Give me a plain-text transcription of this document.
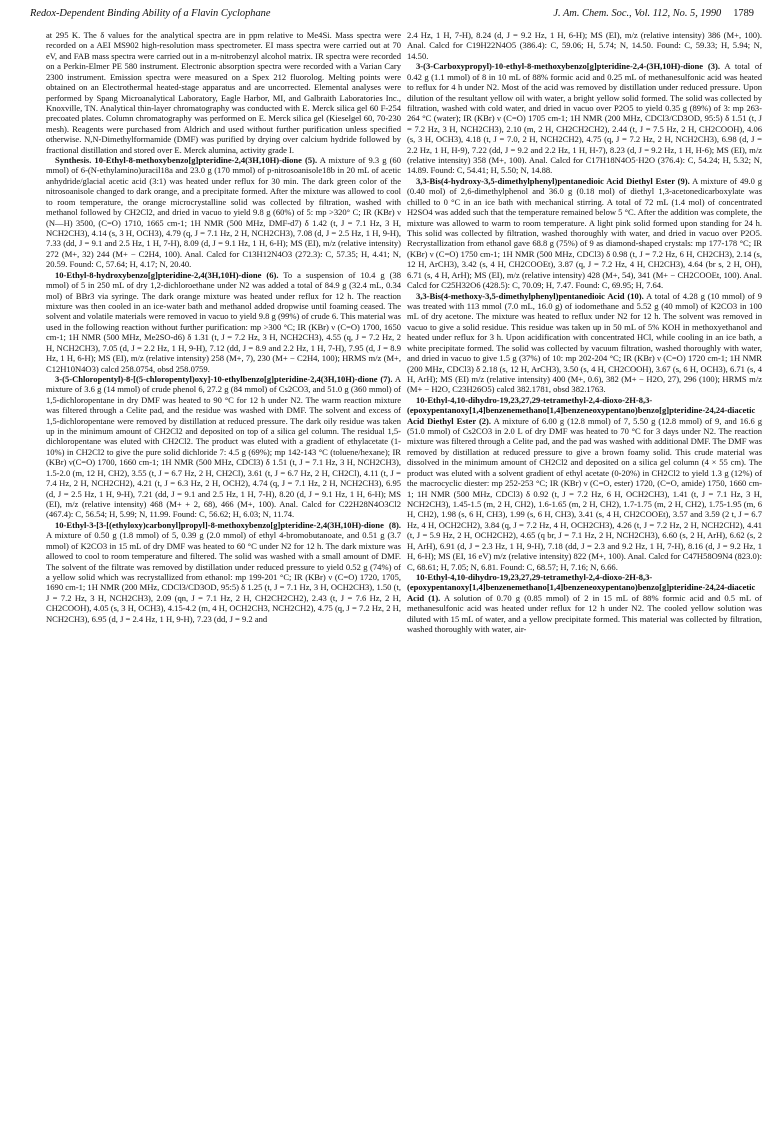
Redox-Dependent Binding Ability of a Flavin Cyclophane	J. Am. Chem. Soc., Vol. 112, No. 5, 1990 1789

at 295 K. The δ values for the analytical spectra are in ppm relative to Me4Si. Mass spectra were recorded on a AEI MS902 high-resolution mass spectrometer. EI mass spectra were carried out at 70 eV, and FAB mass spectra were carried out in a m-nitrobenzyl alcohol matrix. IR spectra were recorded on a Perkin-Elmer PE 580 instrument. Electronic absorption spectra were recorded with a Varian Cary 2300 instrument. Emission spectra were measured on a Spex 212 fluorolog. Melting points were obtained on an Electrothermal heated-stage apparatus and are uncorrected. Elemental analyses were performed by Spang Microanalytical Laboratory, Eagle Harbor, MI, and Galbraith Laboratories Inc., Knoxville, TN. Analytical thin-layer chromatography was conducted with E. Merck silica gel 60 F-254 precoated plates. Column chromatography was performed on E. Merck silica gel (Kieselgel 60, 70-230 mesh). Reagents were purchased from Aldrich and used without further purification unless specified otherwise. N,N-Dimethylformamide (DMF) was purified by drying over calcium hydride followed by fractional distillation and stored over E. Merck alumina, activity grade I.

Synthesis. 10-Ethyl-8-methoxybenzo[g]pteridine-2,4(3H,10H)-dione (5). A mixture of 9.3 g (60 mmol) of 6-(N-ethylamino)uracil18a and 23.0 g (170 mmol) of p-nitrosoanisole18b in 20 mL of acetic anhydride/glacial acetic acid (3:1) was heated under reflux for 30 min. The dark green color of the nitrosoanisole changed to dark orange, and a precipitate formed. After the mixture was allowed to cool to room temperature, the orange microcrystalline solid was collected by filtration, washed with methanol followed by CH2Cl2, and dried in vacuo to yield 9.8 g (60%) of 5: mp >320° C; IR (KBr) ν (N—H) 3500, (C=O) 1710, 1665 cm-1; 1H NMR (500 MHz, DMF-d7) δ 1.42 (t, J = 7.1 Hz, 3 H, NCH2CH3), 4.14 (s, 3 H, OCH3), 4.79 (q, J = 7.1 Hz, 2 H, NCH2CH3), 7.08 (d, J = 2.5 Hz, 1 H, 9-H), 7.33 (dd, J = 9.1 and 2.5 Hz, 1 H, 7-H), 8.09 (d, J = 9.1 Hz, 1 H, 6-H); MS (EI), m/z (relative intensity) 272 (M+, 32) 244 (M+ − C2H4, 100). Anal. Calcd for C13H12N4O3 (272.3): C, 57.35; H, 4.41; N, 20.59. Found: C, 57.64; H, 4.17; N, 20.40.

10-Ethyl-8-hydroxybenzo[g]pteridine-2,4(3H,10H)-dione (6). To a suspension of 10.4 g (38 mmol) of 5 in 250 mL of dry 1,2-dichloroethane under N2 was added a total of 84.9 g (32.4 mL, 0.34 mol) of BBr3 via syringe. The dark orange mixture was heated under reflux for 12 h. The reaction mixture was then cooled in an ice-water bath and methanol added dropwise until foaming ceased. The solvent and volatile materials were removed in vacuo to yield 9.8 g (99%) of crude 6. This material was used in the following reaction without further purification: mp >300 °C; IR (KBr) ν (C=O) 1700, 1650 cm-1; 1H NMR (500 MHz, Me2SO-d6) δ 1.31 (t, J = 7.2 Hz, 3 H, NCH2CH3), 4.55 (q, J = 7.2 Hz, 2 H, NCH2CH3), 7.05 (d, J = 2.2 Hz, 1 H, 9-H), 7.12 (dd, J = 8.9 and 2.2 Hz, 1 H, 7-H), 7.95 (d, J = 8.9 Hz, 1 H, 6-H); MS (EI), m/z (relative intensity) 258 (M+, 7), 230 (M+ − C2H4, 100); HRMS m/z (M+, C12H10N4O3) calcd 258.0754, obsd 258.0759.

3-(5-Chloropentyl)-8-[(5-chloropentyl)oxy]-10-ethylbenzo[g]pteridine-2,4(3H,10H)-dione (7). A mixture of 3.6 g (14 mmol) of crude phenol 6, 27.2 g (84 mmol) of Cs2CO3, and 51.0 g (360 mmol) of 1,5-dichloropentane in dry DMF was heated to 90 °C for 12 h under N2. The warm reaction mixture was filtered through a Celite pad, and the residue was washed with DMF. The solvent and excess of 1,5-dichloropentane were removed by distillation at reduced pressure. The dark oily residue was taken up in the minimum amount of CH2Cl2 and deposited on top of a silica gel column. The residual 1,5-dichloropentane was eluted with CH2Cl2. The product was eluted with a gradient of ethylacetate (1-10%) in CH2Cl2 to give the pure solid dichloride 7: 4.5 g (69%); mp 142-143 °C (toluene/hexane); IR (KBr) ν(C=O) 1700, 1660 cm-1; 1H NMR (500 MHz, CDCl3) δ 1.51 (t, J = 7.1 Hz, 3 H, NCH2CH3), 1.5-2.0 (m, 12 H, CH2), 3.55 (t, J = 6.7 Hz, 2 H, CH2Cl), 3.61 (t, J = 6.7 Hz, 2 H, CH2Cl), 4.11 (t, J = 7.4 Hz, 2 H, NCH2CH2), 4.21 (t, J = 6.3 Hz, 2 H, OCH2), 4.74 (q, J = 7.1 Hz, 2 H, NCH2CH3), 6.95 (d, J = 2.5 Hz, 1 H, 9-H), 7.21 (dd, J = 9.1 and 2.5 Hz, 1 H, 7-H), 8.20 (d, J = 9.1 Hz, 1 H, 6-H); MS (EI), m/z (relative intensity) 468 (M+ + 2, 68), 466 (M+, 100). Anal. Calcd for C22H28N4O3Cl2 (467.4): C, 56.54; H, 5.99; N, 11.99. Found: C, 56.62; H, 6.03; N, 11.74.

10-Ethyl-3-[3-[(ethyloxy)carbonyl]propyl]-8-methoxybenzo[g]pteridine-2,4(3H,10H)-dione (8). A mixture of 0.50 g (1.8 mmol) of 5, 0.39 g (2.0 mmol) of ethyl 4-bromobutanoate, and 0.51 g (3.7 mmol) of K2CO3 in 15 mL of dry DMF was heated to 60 °C under N2 for 12 h. The dark mixture was allowed to cool to room temperature and filtered. The solid was washed with a small amount of DMF. The solvent of the filtrate was removed by distillation under reduced pressure to yield 0.52 g (74%) of a yellow solid which was recrystallized from ethanol: mp 199-201 °C; IR (KBr) ν (C=O) 1720, 1705, 1690 cm-1; 1H NMR (200 MHz, CDCl3/CD3OD, 95:5) δ 1.25 (t, J = 7.1 Hz, 3 H, OCH2CH3), 1.50 (t, J = 7.2 Hz, 3 H, NCH2CH3), 2.09 (qn, J = 7.1 Hz, 2 H, CH2CH2CH2), 2.43 (t, J = 7.6 Hz, 2 H, CH2COOH), 4.05 (s, 3 H, OCH3), 4.15-4.2 (m, 4 H, OCH2CH3, NCH2CH2), 4.75 (q, J = 7.2 Hz, 2 H, NCH2CH3), 6.95 (d, J = 2.4 Hz, 1 H, 9-H), 7.23 (dd, J = 9.2 and

2.4 Hz, 1 H, 7-H), 8.24 (d, J = 9.2 Hz, 1 H, 6-H); MS (EI), m/z (relative intensity) 386 (M+, 100). Anal. Calcd for C19H22N4O5 (386.4): C, 59.06; H, 5.74; N, 14.50. Found: C, 59.33; H, 5.94; N, 14.50.

3-(3-Carboxypropyl)-10-ethyl-8-methoxybenzo[g]pteridine-2,4-(3H,10H)-dione (3). A total of 0.42 g (1.1 mmol) of 8 in 10 mL of 88% formic acid and 0.25 mL of methanesulfonic acid was heated to reflux for 4 h under N2. Most of the acid was removed by distillation under reduced pressure. Upon dilution of the resultant yellow oil with water, a bright yellow solid formed. The solid was collected by filtration, washed with cold water, and dried in vacuo over P2O5 to yield 0.35 g (89%) of 3: mp 263-264 °C (water); IR (KBr) ν (C=O) 1705 cm-1; 1H NMR (200 MHz, CDCl3/CD3OD, 95:5) δ 1.51 (t, J = 7.2 Hz, 3 H, NCH2CH3), 2.10 (m, 2 H, CH2CH2CH2), 2.44 (t, J = 7.5 Hz, 2 H, CH2COOH), 4.06 (s, 3 H, OCH3), 4.18 (t, J = 7.0, 2 H, NCH2CH2), 4.75 (q, J = 7.2 Hz, 2 H, NCH2CH3), 6.98 (d, J = 2.2 Hz, 1 H, H-9), 7.22 (dd, J = 9.2 and 2.2 Hz, 1 H, H-7), 8.23 (d, J = 9.2 Hz, 1 H, H-6); MS (EI), m/z (relative intensity) 358 (M+, 100). Anal. Calcd for C17H18N4O5·H2O (376.4): C, 54.24; H, 5.32; N, 14.89. Found: C, 54.41; H, 5.50; N, 14.88.

3,3-Bis(4-hydroxy-3,5-dimethylphenyl)pentanedioic Acid Diethyl Ester (9). A mixture of 49.0 g (0.40 mol) of 2,6-dimethylphenol and 36.0 g (0.18 mol) of diethyl 1,3-acetonedicarboxylate was chilled to 0 °C in an ice bath with mechanical stirring. A total of 72 mL (1.4 mol) of concentrated H2SO4 was added such that the temperature remained below 5 °C. After the addition was complete, the mixture was allowed to warm to room temperature. A light pink solid formed upon standing for 24 h. This solid was collected by filtration, washed thoroughly with water, and dried in vacuo over P2O5. Recrystallization from ethanol gave 68.8 g (75%) of 9 as diamond-shaped crystals: mp 177-178 °C; IR (KBr) ν (C=O) 1750 cm-1; 1H NMR (500 MHz, CDCl3) δ 0.98 (t, J = 7.2 Hz, 6 H, CH2CH3), 2.14 (s, 12 H, ArCH3), 3.42 (s, 4 H, CH2COOEt), 3.87 (q, J = 7.2 Hz, 4 H, CH2CH3), 4.64 (br s, 2 H, OH), 6.71 (s, 4 H, ArH); MS (EI), m/z (relative intensity) 428 (M+, 54), 341 (M+ − CH2COOEt, 100). Anal. Calcd for C25H32O6 (428.5): C, 70.09; H, 7.47. Found: C, 69.95; H, 7.64.

3,3-Bis(4-methoxy-3,5-dimethylphenyl)pentanedioic Acid (10). A total of 4.28 g (10 mmol) of 9 was treated with 113 mmol (7.0 mL, 16.0 g) of iodomethane and 5.52 g (40 mmol) of K2CO3 in 100 mL of dry acetone. The mixture was heated to reflux under N2 for 12 h. The solvent was removed in vacuo to give a solid residue. This residue was taken up in 50 mL of 5% KOH in methoxyethanol and heated under reflux for 3 h. Upon acidification with concentrated HCl, while cooling in an ice bath, a white precipitate formed. The solid was collected by vacuum filtration, washed thoroughly with water, and dried in vacuo to give 1.5 g (37%) of 10: mp 202-204 °C; IR (KBr) ν (C=O) 1720 cm-1; 1H NMR (200 MHz, CDCl3) δ 2.18 (s, 12 H, ArCH3), 3.50 (s, 4 H, CH2COOH), 3.67 (s, 6 H, OCH3), 6.71 (s, 4 H, ArH); MS (EI) m/z (relative intensity) 400 (M+, 0.6), 382 (M+ − H2O, 27), 296 (100); HRMS m/z (M+ − H2O, C23H26O5) calcd 382.1781, obsd 382.1763.

10-Ethyl-4,10-dihydro-19,23,27,29-tetramethyl-2,4-dioxo-2H-8,3-(epoxypentanoxy[1,4]benzenemethano[1,4]benzeneoxypentano)benzo[g]pteridine-24,24-diacetic Acid Diethyl Ester (2). A mixture of 6.00 g (12.8 mmol) of 7, 5.50 g (12.8 mmol) of 9, and 16.6 g (51.0 mmol) of Cs2CO3 in 2.0 L of dry DMF was heated to 70 °C for 3 days under N2. The reaction mixture was filtered through a Celite pad, and the pad was washed with additional DMF. The DMF was removed by distillation at reduced pressure to give a brown foamy solid. This crude material was dissolved in the minimum amount of CH2Cl2 and deposited on a silica gel column (4 × 55 cm). The product was eluted with a solvent gradient of ethyl acetate (0-20%) in CH2Cl2 to yield 1.3 g (12%) of the macrocyclic diester: mp 252-253 °C; IR (KBr) ν (C=O, ester) 1720, (C=O, amide) 1750, 1660 cm-1; 1H NMR (500 MHz, CDCl3) δ 0.92 (t, J = 7.2 Hz, 6 H, OCH2CH3), 1.41 (t, J = 7.1 Hz, 3 H, NCH2CH3), 1.45-1.5 (m, 2 H, CH2), 1.6-1.65 (m, 2 H, CH2), 1.7-1.75 (m, 2 H, CH2), 1.75-1.95 (m, 6 H, CH2), 1.98 (s, 6 H, CH3), 1.99 (s, 6 H, CH3), 3.41 (s, 4 H, CH2COOEt), 3.57 and 3.59 (2 t, J = 6.7 Hz, 4 H, OCH2CH2), 3.84 (q, J = 7.2 Hz, 4 H, OCH2CH3), 4.26 (t, J = 7.2 Hz, 2 H, NCH2CH2), 4.41 (t, J = 5.9 Hz, 2 H, OCH2CH2), 4.65 (q br, J = 7.1 Hz, 2 H, NCH2CH3), 6.60 (s, 2 H, ArH), 6.62 (s, 2 H, ArH), 6.91 (d, J = 2.3 Hz, 1 H, 9-H), 7.18 (dd, J = 2.3 and 9.2 Hz, 1 H, 7-H), 8.16 (d, J = 9.2 Hz, 1 H, 6-H); MS (EI, 16 eV) m/z (relative intensity) 822 (M+, 100). Anal. Calcd for C47H58O9N4 (823.0): C, 68.61; H, 7.05; N, 6.81. Found: C, 68.57; H, 7.16; N, 6.66.

10-Ethyl-4,10-dihydro-19,23,27,29-tetramethyl-2,4-dioxo-2H-8,3-(epoxypentanoxy[1,4]benzenemethano[1,4]benzeneoxypentano)benzo[g]pteridine-24,24-diacetic Acid (1). A solution of 0.70 g (0.85 mmol) of 2 in 15 mL of 88% formic acid and 0.5 mL of methanesulfonic acid was heated under reflux for 12 h under N2. The cooled yellow solution was diluted with 15 mL of water, and a yellow precipitate formed. This material was collected by filtration, washed thoroughly with water, air-
